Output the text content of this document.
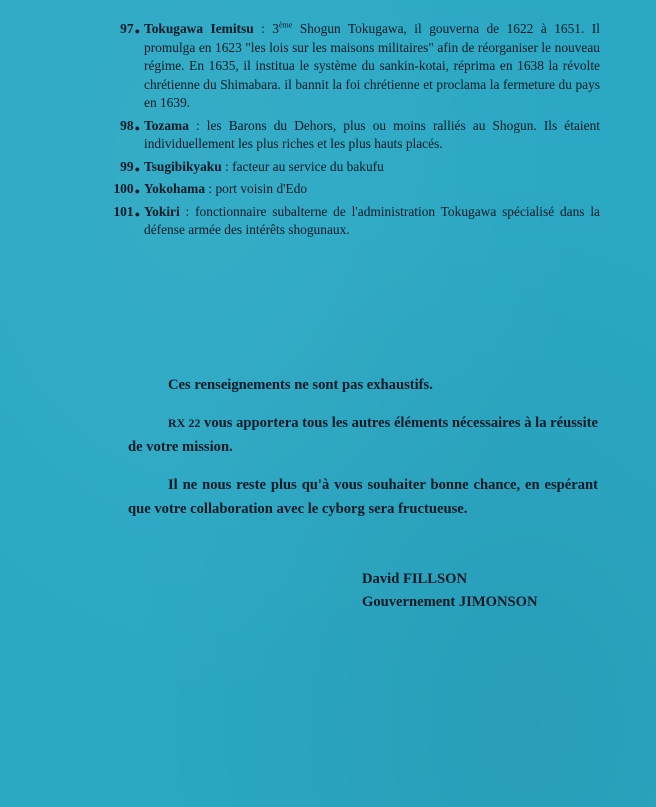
97● Tokugawa Iemitsu : 3ème Shogun Tokugawa, il gouverna de 1622 à 1651. Il promulga en 1623 "les lois sur les maisons militaires" afin de réorganiser le nouveau régime. En 1635, il institua le système du sankin-kotai, réprima en 1638 la révolte chrétienne du Shimabara. il bannit la foi chrétienne et proclama la fermeture du pays en 1639.
98● Tozama : les Barons du Dehors, plus ou moins ralliés au Shogun. Ils étaient individuellement les plus riches et les plus hauts placés.
99● Tsugibikyaku : facteur au service du bakufu
100● Yokohama : port voisin d'Edo
101● Yokiri : fonctionnaire subalterne de l'administration Tokugawa spécialisé dans la défense armée des intérêts shogunaux.

Ces renseignements ne sont pas exhaustifs.

RX 22 vous apportera tous les autres éléments nécessaires à la réussite de votre mission.

Il ne nous reste plus qu'à vous souhaiter bonne chance, en espérant que votre collaboration avec le cyborg sera fructueuse.

David FILLSON
Gouvernement JIMONSON
